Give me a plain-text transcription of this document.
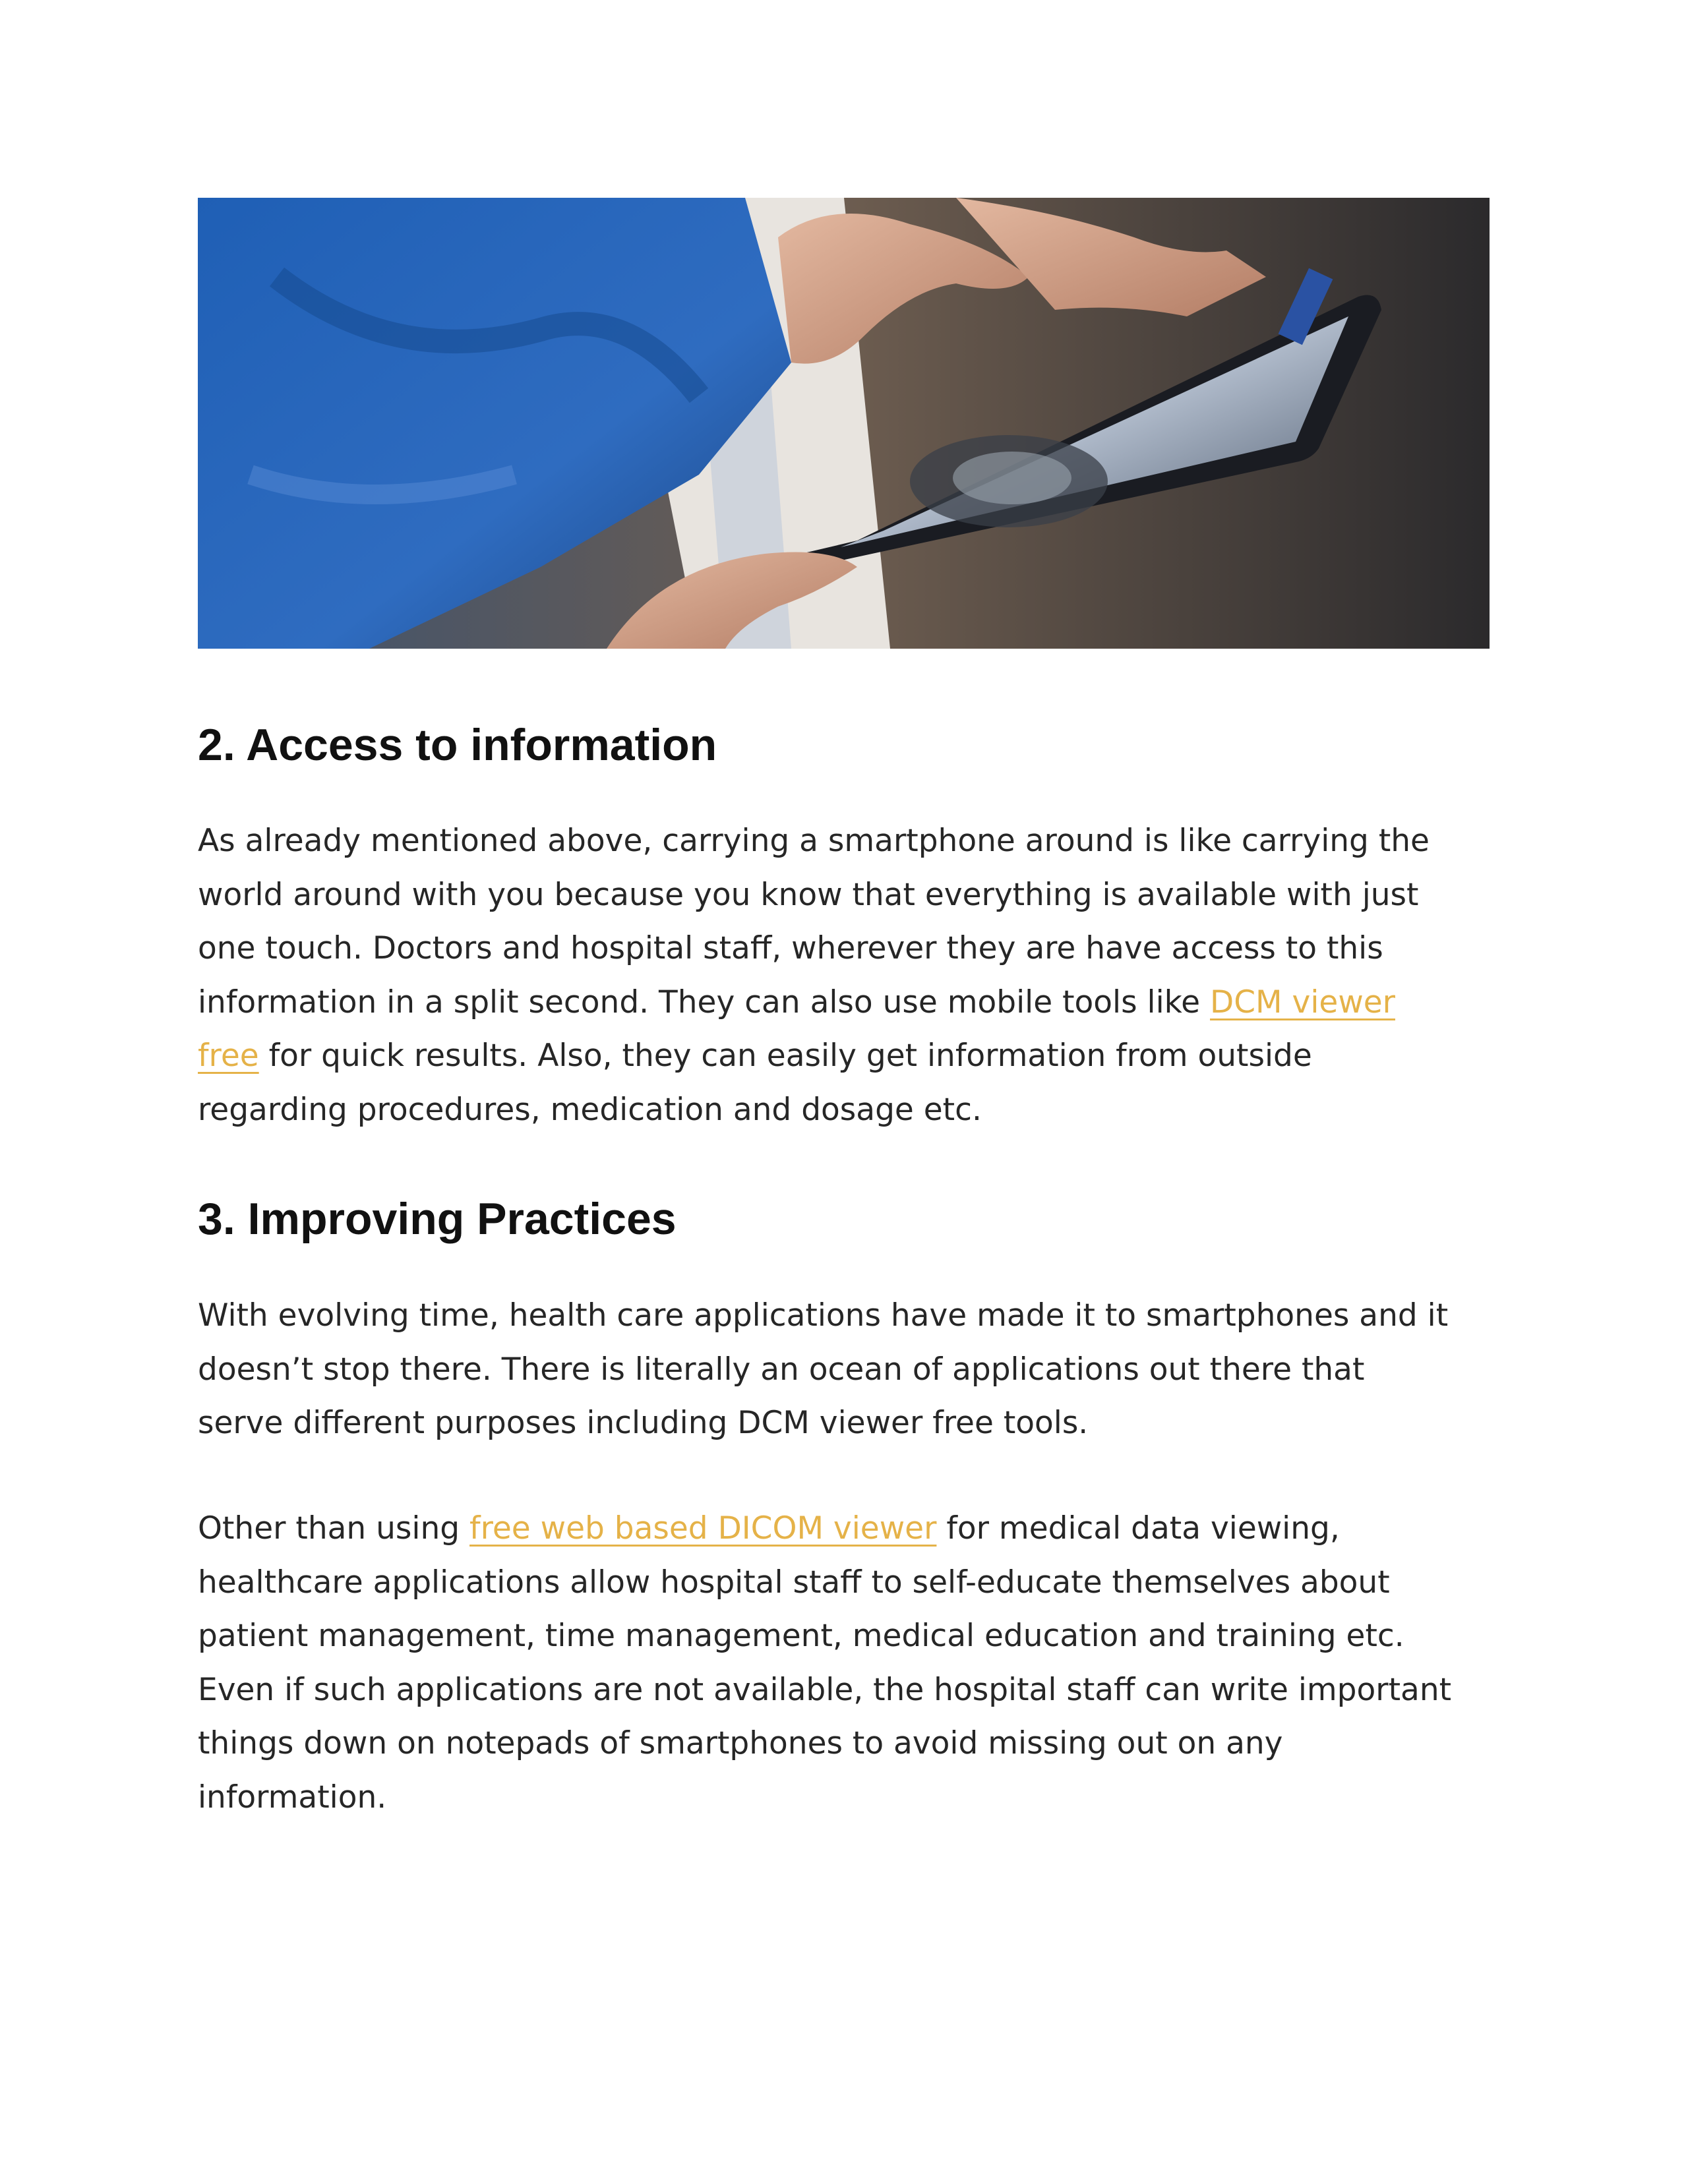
2. Access to information

As already mentioned above, carrying a smartphone around is like carrying the
world around with you because you know that everything is available with just
one touch. Doctors and hospital staff, wherever they are have access to this
information in a split second. They can also use mobile tools like DCM viewer
free for quick results. Also, they can easily get information from outside
regarding procedures, medication and dosage etc.

3. Improving Practices

With evolving time, health care applications have made it to smartphones and it
doesn’t stop there. There is literally an ocean of applications out there that
serve different purposes including DCM viewer free tools.

Other than using free web based DICOM viewer for medical data viewing,
healthcare applications allow hospital staff to self-educate themselves about
patient management, time management, medical education and training etc.
Even if such applications are not available, the hospital staff can write important
things down on notepads of smartphones to avoid missing out on any
information.
